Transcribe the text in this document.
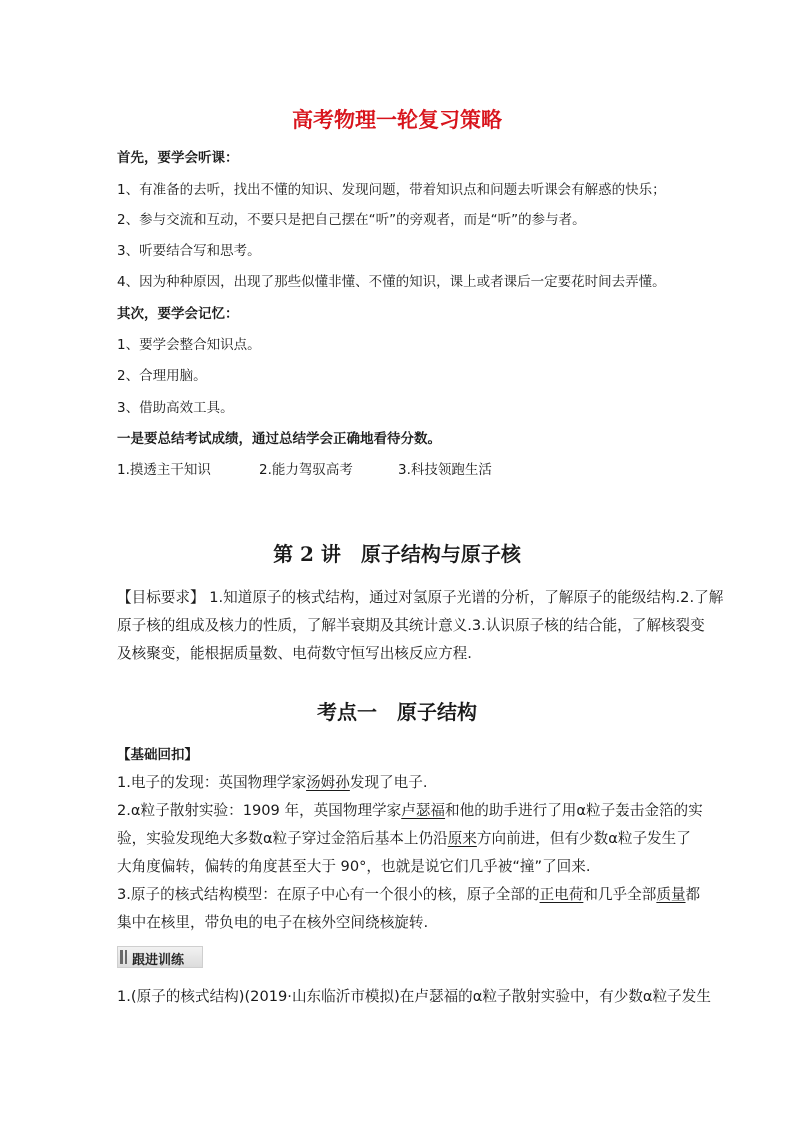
高考物理一轮复习策略
首先，要学会听课：
1、有准备的去听，找出不懂的知识、发现问题，带着知识点和问题去听课会有解惑的快乐；
2、参与交流和互动，不要只是把自己摆在“听”的旁观者，而是“听”的参与者。
3、听要结合写和思考。
4、因为种种原因，出现了那些似懂非懂、不懂的知识，课上或者课后一定要花时间去弄懂。
其次，要学会记忆：
1、要学会整合知识点。
2、合理用脑。
3、借助高效工具。
一是要总结考试成绩，通过总结学会正确地看待分数。
1.摸透主干知识	2.能力驾驭高考	3.科技领跑生活
第 2 讲　原子结构与原子核
【目标要求】 1.知道原子的核式结构，通过对氢原子光谱的分析，了解原子的能级结构.2.了解
原子核的组成及核力的性质，了解半衰期及其统计意义.3.认识原子核的结合能，了解核裂变
及核聚变，能根据质量数、电荷数守恒写出核反应方程.
考点一　原子结构
【基础回扣】
1.电子的发现：英国物理学家汤姆孙发现了电子.
2.α粒子散射实验：1909 年，英国物理学家卢瑟福和他的助手进行了用α粒子轰击金箔的实
验，实验发现绝大多数α粒子穿过金箔后基本上仍沿原来方向前进，但有少数α粒子发生了
大角度偏转，偏转的角度甚至大于 90°，也就是说它们几乎被“撞”了回来.
3.原子的核式结构模型：在原子中心有一个很小的核，原子全部的正电荷和几乎全部质量都
集中在核里，带负电的电子在核外空间绕核旋转.
跟进训练
1.(原子的核式结构)(2019·山东临沂市模拟)在卢瑟福的α粒子散射实验中，有少数α粒子发生
